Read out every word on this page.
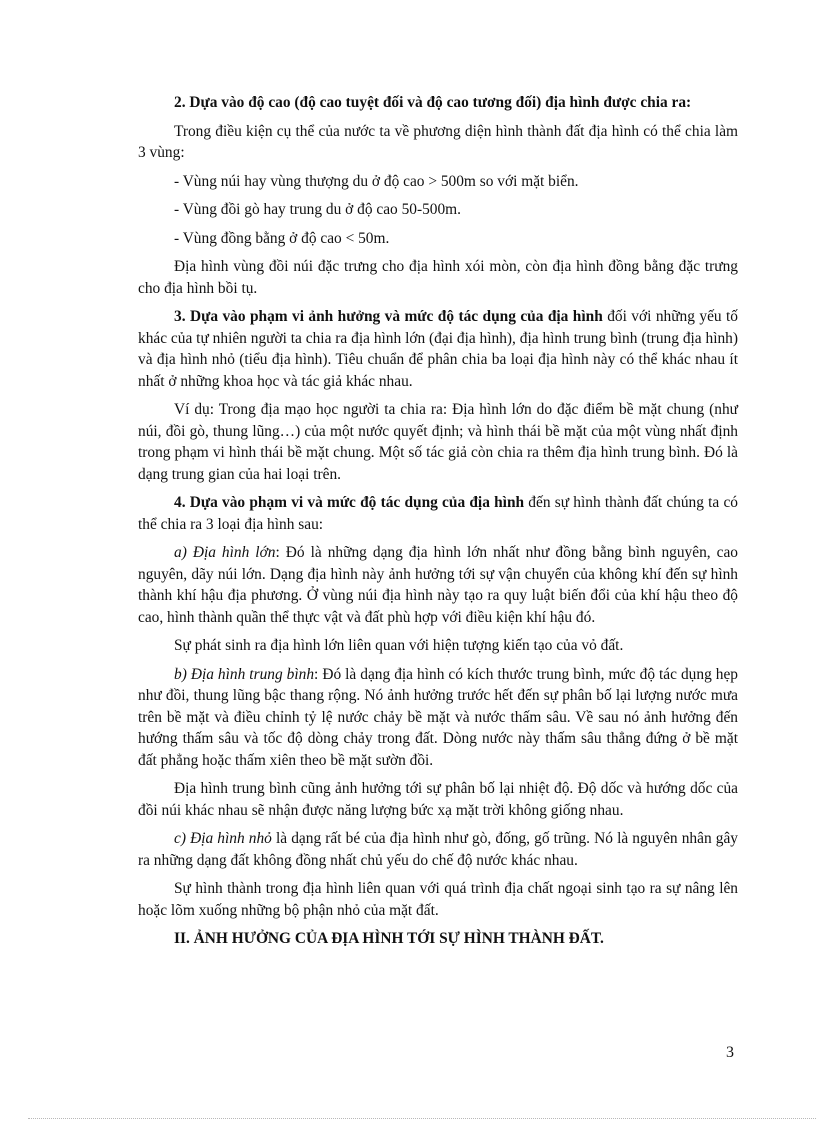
2. Dựa vào độ cao (độ cao tuyệt đối và độ cao tương đối) địa hình được chia ra:

Trong điều kiện cụ thể của nước ta về phương diện hình thành đất địa hình có thể chia làm 3 vùng:

- Vùng núi hay vùng thượng du ở độ cao > 500m so với mặt biển.

- Vùng đồi gò hay trung du ở độ cao 50-500m.

- Vùng đồng bằng ở độ cao < 50m.

Địa hình vùng đồi núi đặc trưng cho địa hình xói mòn, còn địa hình đồng bằng đặc trưng cho địa hình bồi tụ.

3. Dựa vào phạm vi ảnh hưởng và mức độ tác dụng của địa hình đối với những yếu tố khác của tự nhiên người ta chia ra địa hình lớn (đại địa hình), địa hình trung bình (trung địa hình) và địa hình nhỏ (tiểu địa hình). Tiêu chuẩn để phân chia ba loại địa hình này có thể khác nhau ít nhất ở những khoa học và tác giả khác nhau.

Ví dụ: Trong địa mạo học người ta chia ra: Địa hình lớn do đặc điểm bề mặt chung (như núi, đồi gò, thung lũng…) của một nước quyết định; và hình thái bề mặt của một vùng nhất định trong phạm vi hình thái bề mặt chung. Một số tác giả còn chia ra thêm địa hình trung bình. Đó là dạng trung gian của hai loại trên.

4. Dựa vào phạm vi và mức độ tác dụng của địa hình đến sự hình thành đất chúng ta có thể chia ra 3 loại địa hình sau:

a) Địa hình lớn: Đó là những dạng địa hình lớn nhất như đồng bằng bình nguyên, cao nguyên, dãy núi lớn. Dạng địa hình này ảnh hưởng tới sự vận chuyển của không khí đến sự hình thành khí hậu địa phương. Ở vùng núi địa hình này tạo ra quy luật biến đổi của khí hậu theo độ cao, hình thành quần thể thực vật và đất phù hợp với điều kiện khí hậu đó.

Sự phát sinh ra địa hình lớn liên quan với hiện tượng kiến tạo của vỏ đất.

b) Địa hình trung bình: Đó là dạng địa hình có kích thước trung bình, mức độ tác dụng hẹp như đồi, thung lũng bậc thang rộng. Nó ảnh hưởng trước hết đến sự phân bố lại lượng nước mưa trên bề mặt và điều chỉnh tỷ lệ nước chảy bề mặt và nước thấm sâu. Về sau nó ảnh hưởng đến hướng thấm sâu và tốc độ dòng chảy trong đất. Dòng nước này thấm sâu thẳng đứng ở bề mặt đất phẳng hoặc thấm xiên theo bề mặt sườn đồi.

Địa hình trung bình cũng ảnh hưởng tới sự phân bố lại nhiệt độ. Độ dốc và hướng dốc của đồi núi khác nhau sẽ nhận được năng lượng bức xạ mặt trời không giống nhau.

c) Địa hình nhỏ là dạng rất bé của địa hình như gò, đống, gố trũng. Nó là nguyên nhân gây ra những dạng đất không đồng nhất chủ yếu do chế độ nước khác nhau.

Sự hình thành trong địa hình liên quan với quá trình địa chất ngoại sinh tạo ra sự nâng lên hoặc lõm xuống những bộ phận nhỏ của mặt đất.

II. ẢNH HƯỞNG CỦA ĐỊA HÌNH TỚI SỰ HÌNH THÀNH ĐẤT.

3
